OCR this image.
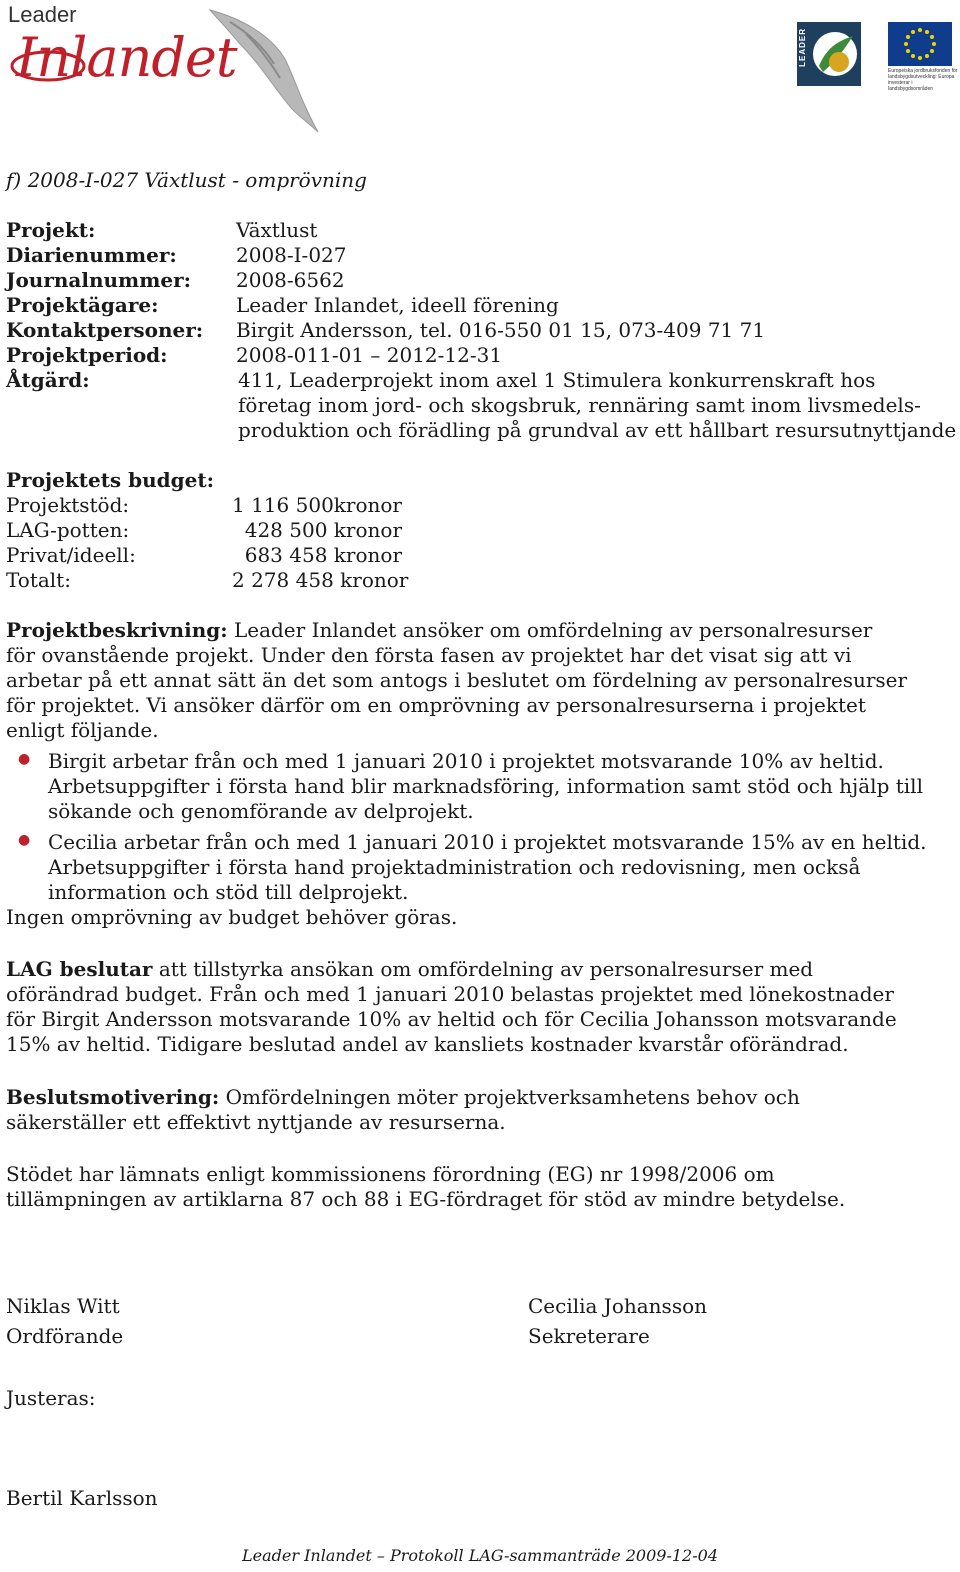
Leader
Inlandet	LEADER
Europeiska jordbruksfonden för landsbygdsutveckling: Europa investerar i landsbygdsområden
f) 2008-I-027 Växtlust - omprövning
Projekt:	Växtlust
Diarienummer:	2008-I-027
Journalnummer: 2008-6562
Projektägare:	Leader Inlandet, ideell förening
Kontaktpersoner: Birgit Andersson, tel. 016-550 01 15, 073-409 71 71
Projektperiod:	2008-011-01 – 2012-12-31
Åtgärd:	411, Leaderprojekt inom axel 1 Stimulera konkurrenskraft hos
företag inom jord- och skogsbruk, rennäring samt inom livsmedels-
produktion och förädling på grundval av ett hållbart resursutnyttjande
Projektets budget:
Projektstöd:	1 116 500kronor
LAG-potten:	428 500 kronor
Privat/ideell:	683 458 kronor
Totalt:	2 278 458 kronor
Projektbeskrivning: Leader Inlandet ansöker om omfördelning av personalresurser
för ovanstående projekt. Under den första fasen av projektet har det visat sig att vi
arbetar på ett annat sätt än det som antogs i beslutet om fördelning av personalresurser
för projektet. Vi ansöker därför om en omprövning av personalresurserna i projektet
enligt följande.
● Birgit arbetar från och med 1 januari 2010 i projektet motsvarande 10% av heltid.
Arbetsuppgifter i första hand blir marknadsföring, information samt stöd och hjälp till
sökande och genomförande av delprojekt.
● Cecilia arbetar från och med 1 januari 2010 i projektet motsvarande 15% av en heltid.
Arbetsuppgifter i första hand projektadministration och redovisning, men också
information och stöd till delprojekt.
Ingen omprövning av budget behöver göras.
LAG beslutar att tillstyrka ansökan om omfördelning av personalresurser med
oförändrad budget. Från och med 1 januari 2010 belastas projektet med lönekostnader
för Birgit Andersson motsvarande 10% av heltid och för Cecilia Johansson motsvarande
15% av heltid. Tidigare beslutad andel av kansliets kostnader kvarstår oförändrad.
Beslutsmotivering: Omfördelningen möter projektverksamhetens behov och
säkerställer ett effektivt nyttjande av resurserna.
Stödet har lämnats enligt kommissionens förordning (EG) nr 1998/2006 om
tillämpningen av artiklarna 87 och 88 i EG-fördraget för stöd av mindre betydelse.
Niklas Witt
Ordförande
Cecilia Johansson
Sekreterare
Justeras:
Bertil Karlsson
Leader Inlandet – Protokoll LAG-sammanträde 2009-12-04
